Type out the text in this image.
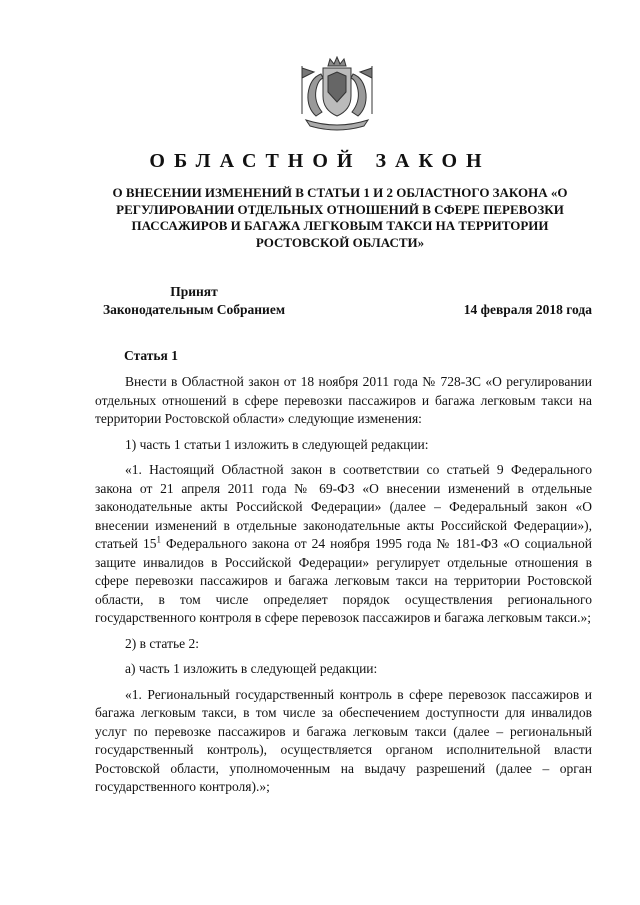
ОБЛАСТНОЙ ЗАКОН
О ВНЕСЕНИИ ИЗМЕНЕНИЙ В СТАТЬИ 1 И 2 ОБЛАСТНОГО ЗАКОНА «О РЕГУЛИРОВАНИИ ОТДЕЛЬНЫХ ОТНОШЕНИЙ В СФЕРЕ ПЕРЕВОЗКИ ПАССАЖИРОВ И БАГАЖА ЛЕГКОВЫМ ТАКСИ НА ТЕРРИТОРИИ РОСТОВСКОЙ ОБЛАСТИ»
Принят
Законодательным Собранием	14 февраля 2018 года
Статья 1

Внести в Областной закон от 18 ноября 2011 года № 728-ЗС «О регулировании отдельных отношений в сфере перевозки пассажиров и багажа легковым такси на территории Ростовской области» следующие изменения:

1) часть 1 статьи 1 изложить в следующей редакции:

«1. Настоящий Областной закон в соответствии со статьей 9 Федерального закона от 21 апреля 2011 года № 69-ФЗ «О внесении изменений в отдельные законодательные акты Российской Федерации» (далее – Федеральный закон «О внесении изменений в отдельные законодательные акты Российской Федерации»), статьей $15^1$ Федерального закона от 24 ноября 1995 года № 181-ФЗ «О социальной защите инвалидов в Российской Федерации» регулирует отдельные отношения в сфере перевозки пассажиров и багажа легковым такси на территории Ростовской области, в том числе определяет порядок осуществления регионального государственного контроля в сфере перевозок пассажиров и багажа легковым такси.»;

2) в статье 2:

а) часть 1 изложить в следующей редакции:

«1. Региональный государственный контроль в сфере перевозок пассажиров и багажа легковым такси, в том числе за обеспечением доступности для инвалидов услуг по перевозке пассажиров и багажа легковым такси (далее – региональный государственный контроль), осуществляется органом исполнительной власти Ростовской области, уполномоченным на выдачу разрешений (далее – орган государственного контроля).»;
